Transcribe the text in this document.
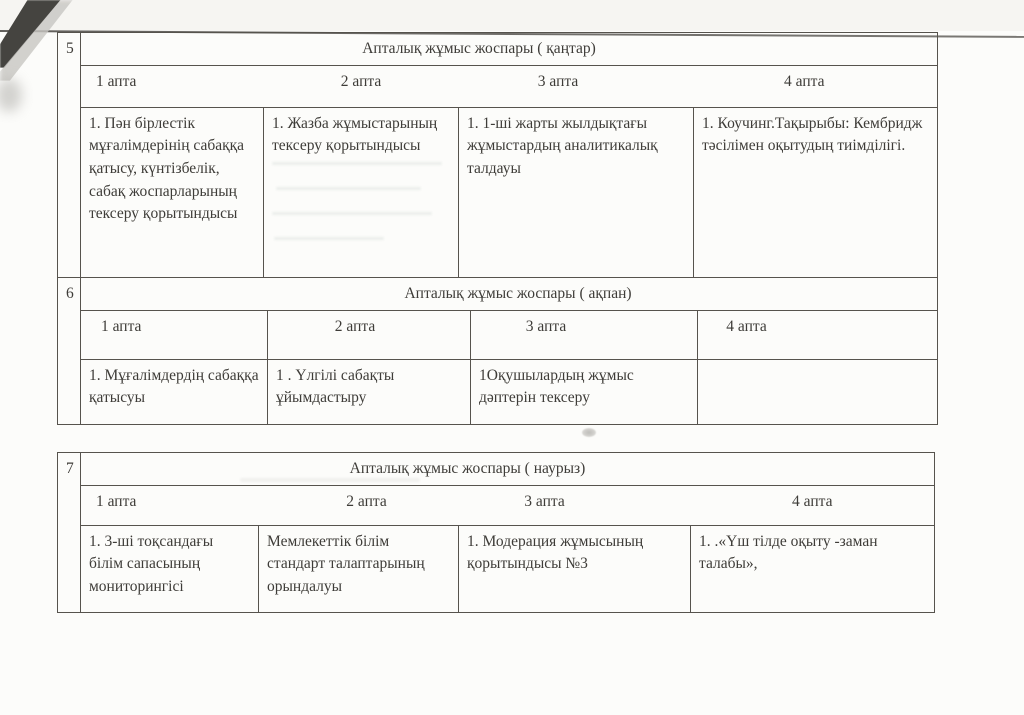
5	Апталық жұмыс жоспары ( қаңтар)			
	1 апта	2 апта	3 апта	4 апта
	1. Пән бірлестік мұғалімдерінің сабаққа қатысу, күнтізбелік, сабақ жоспарларының тексеру қорытындысы	1. Жазба жұмыстарының тексеру қорытындысы	1. 1-ші жарты жылдықтағы жұмыстардың аналитикалық талдауы	1. Коучинг.Тақырыбы: Кембридж тәсілімен оқытудың тиімділігі.
6	Апталық жұмыс жоспары ( ақпан)			
	1 апта	2 апта	3 апта	4 апта
	1. Мұғалімдердің сабаққа қатысуы	1 . Үлгілі сабақты ұйымдастыру	1Оқушылардың жұмыс дәптерін тексеру	
7	Апталық жұмыс жоспары ( наурыз)			
	1 апта	2 апта	3 апта	4 апта
	1. 3-ші тоқсандағы білім сапасының мониторингісі	Мемлекеттік білім стандарт талаптарының орындалуы	1. Модерация жұмысының қорытындысы №3	1. .«Үш тілде оқыту -заман талабы»,
